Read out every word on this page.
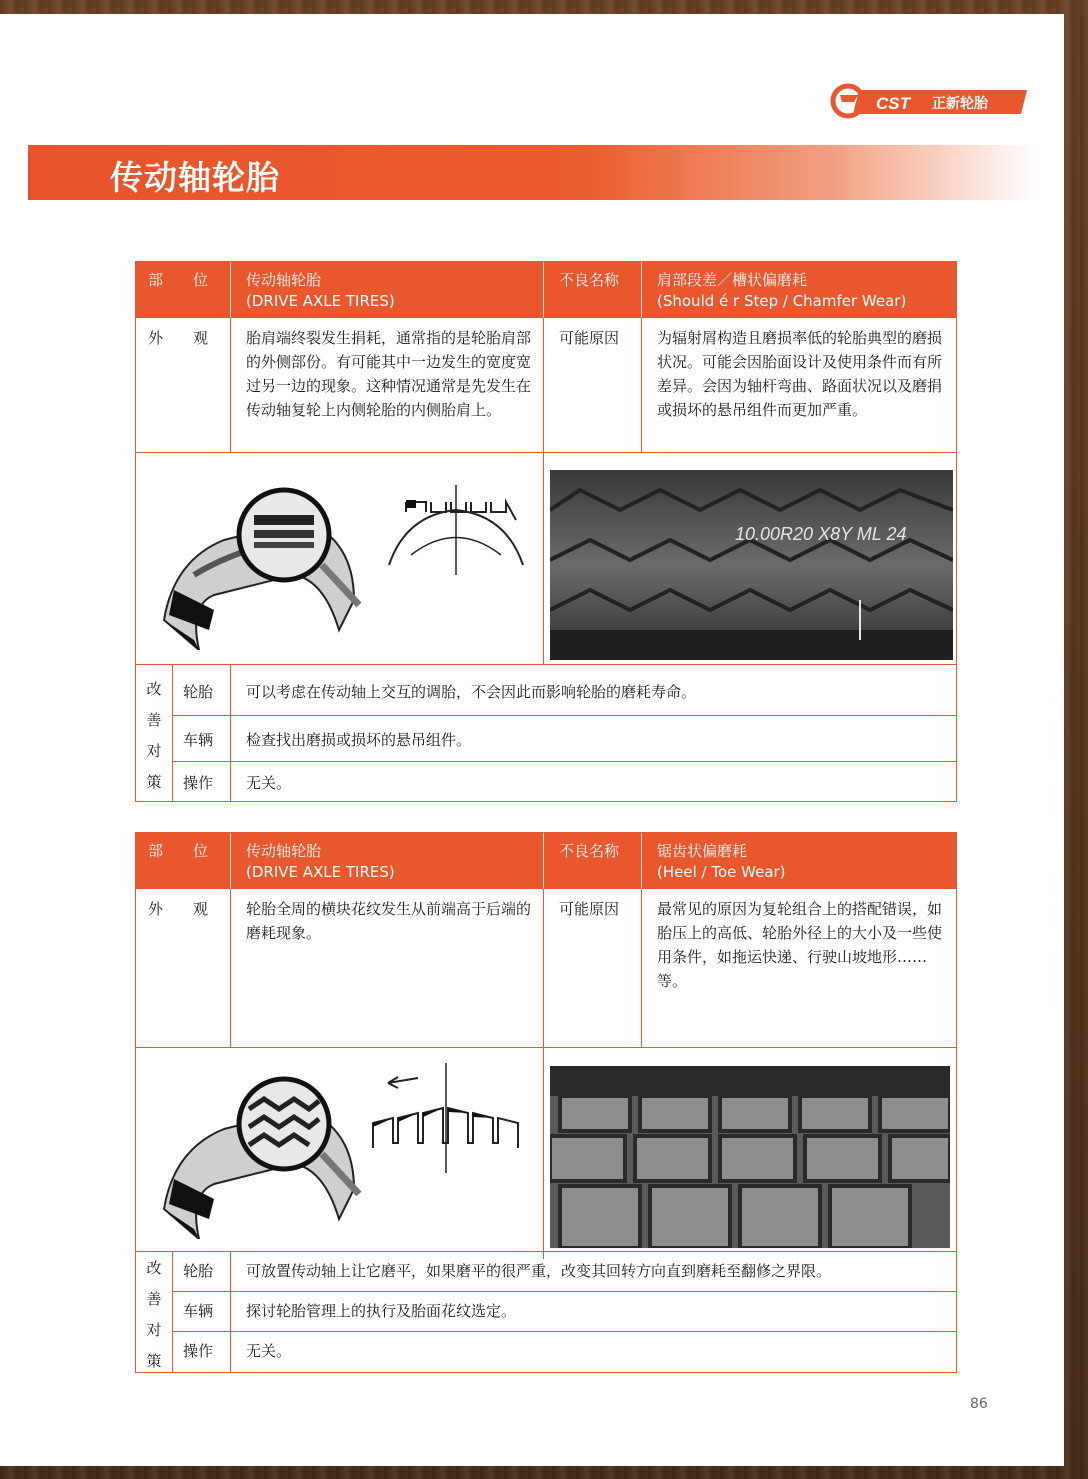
CST 正新轮胎
传动轴轮胎
部　　位	传动轴轮胎
(DRIVE AXLE TIRES)
不良名称	肩部段差／槽状偏磨耗
(Should é r Step / Chamfer Wear)
外　　观	胎肩端终裂发生捐耗，通常指的是轮胎肩部的外侧部份。有可能其中一边发生的宽度宽过另一边的现象。这种情况通常是先发生在传动轴复轮上内侧轮胎的内侧胎肩上。
可能原因	为辐射屑构造且磨损率低的轮胎典型的磨损状况。可能会因胎面设计及使用条件而有所差异。会因为轴杆弯曲、路面状况以及磨捐或损坏的悬吊组件而更加严重。
10.00R20 X8Y ML 24
改善对策
轮胎 可以考虑在传动轴上交互的调胎，不会因此而影响轮胎的磨耗寿命。
车辆 检查找出磨损或损坏的悬吊组件。
操作 无关。
部　　位	传动轴轮胎
(DRIVE AXLE TIRES)
不良名称	锯齿状偏磨耗
(Heel / Toe Wear)
外　　观	轮胎全周的横块花纹发生从前端高于后端的磨耗现象。
可能原因	最常见的原因为复轮组合上的搭配错误，如胎压上的高低、轮胎外径上的大小及一些使用条件，如拖运快递、行驶山坡地形……等。
改善对策
轮胎 可放置传动轴上让它磨平，如果磨平的很严重，改变其回转方向直到磨耗至翻修之界限。
车辆 探讨轮胎管理上的执行及胎面花纹选定。
操作 无关。
86
